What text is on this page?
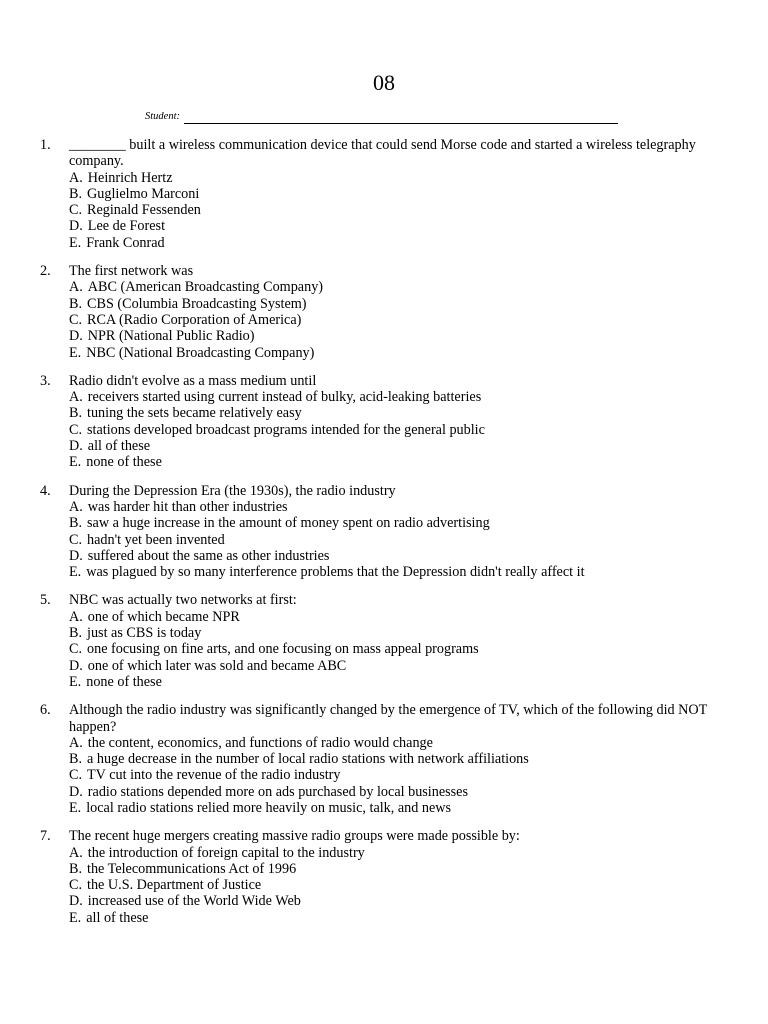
08
Student:
1.	________ built a wireless communication device that could send Morse code and started a wireless telegraphy company.
A. Heinrich Hertz
B. Guglielmo Marconi
C. Reginald Fessenden
D. Lee de Forest
E. Frank Conrad
2.	The first network was
A. ABC (American Broadcasting Company)
B. CBS (Columbia Broadcasting System)
C. RCA (Radio Corporation of America)
D. NPR (National Public Radio)
E. NBC (National Broadcasting Company)
3.	Radio didn't evolve as a mass medium until
A. receivers started using current instead of bulky, acid-leaking batteries
B. tuning the sets became relatively easy
C. stations developed broadcast programs intended for the general public
D. all of these
E. none of these
4.	During the Depression Era (the 1930s), the radio industry
A. was harder hit than other industries
B. saw a huge increase in the amount of money spent on radio advertising
C. hadn't yet been invented
D. suffered about the same as other industries
E. was plagued by so many interference problems that the Depression didn't really affect it
5.	NBC was actually two networks at first:
A. one of which became NPR
B. just as CBS is today
C. one focusing on fine arts, and one focusing on mass appeal programs
D. one of which later was sold and became ABC
E. none of these
6.	Although the radio industry was significantly changed by the emergence of TV, which of the following did NOT happen?
A. the content, economics, and functions of radio would change
B. a huge decrease in the number of local radio stations with network affiliations
C. TV cut into the revenue of the radio industry
D. radio stations depended more on ads purchased by local businesses
E. local radio stations relied more heavily on music, talk, and news
7.	The recent huge mergers creating massive radio groups were made possible by:
A. the introduction of foreign capital to the industry
B. the Telecommunications Act of 1996
C. the U.S. Department of Justice
D. increased use of the World Wide Web
E. all of these
